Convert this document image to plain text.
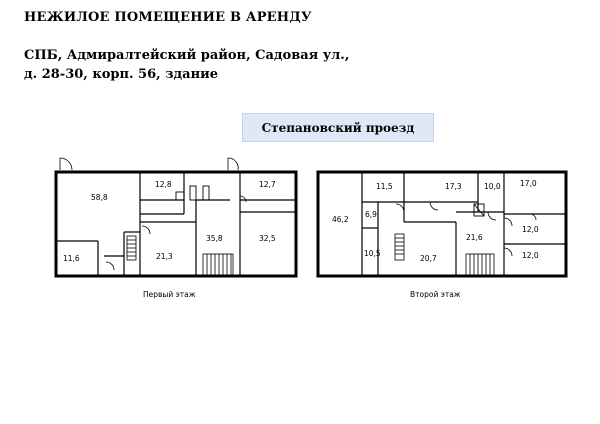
НЕЖИЛОЕ ПОМЕЩЕНИЕ В АРЕНДУ
СПБ, Адмиралтейский район, Садовая ул.,
д. 28-30, корп. 56, здание
Степановский проезд
58,8
12,8	12,7
35,8	32,5
21,3
11,6
Первый этаж
46,2
11,5	17,3	10,0	17,0
6,9
10,5
20,7
21,6
12,0
12,0
Второй этаж
